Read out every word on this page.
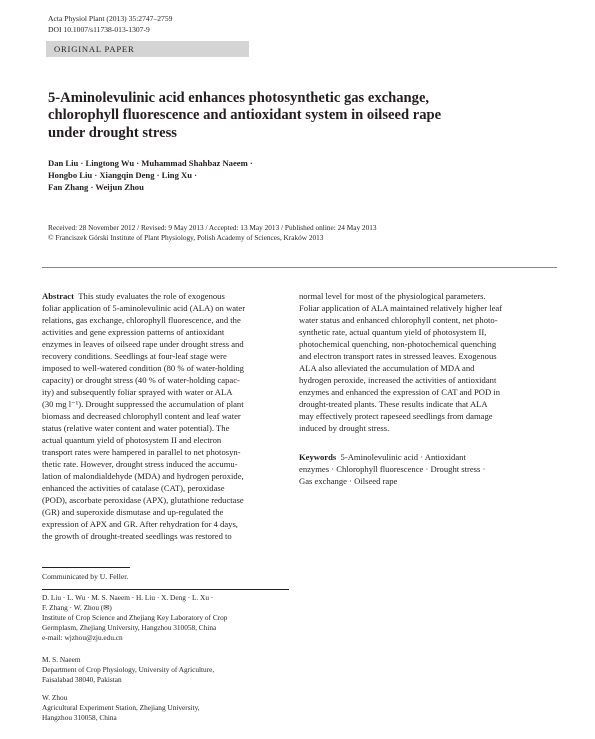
Acta Physiol Plant (2013) 35:2747–2759
DOI 10.1007/s11738-013-1307-9
ORIGINAL PAPER
5-Aminolevulinic acid enhances photosynthetic gas exchange,
chlorophyll fluorescence and antioxidant system in oilseed rape
under drought stress
Dan Liu · Lingtong Wu · Muhammad Shahbaz Naeem ·
Hongbo Liu · Xiangqin Deng · Ling Xu ·
Fan Zhang · Weijun Zhou
Received: 28 November 2012 / Revised: 9 May 2013 / Accepted: 13 May 2013 / Published online: 24 May 2013
© Franciszek Górski Institute of Plant Physiology, Polish Academy of Sciences, Kraków 2013
Abstract This study evaluates the role of exogenous
foliar application of 5-aminolevulinic acid (ALA) on water
relations, gas exchange, chlorophyll fluorescence, and the
activities and gene expression patterns of antioxidant
enzymes in leaves of oilseed rape under drought stress and
recovery conditions. Seedlings at four-leaf stage were
imposed to well-watered condition (80 % of water-holding
capacity) or drought stress (40 % of water-holding capac-
ity) and subsequently foliar sprayed with water or ALA
(30 mg l⁻¹). Drought suppressed the accumulation of plant
biomass and decreased chlorophyll content and leaf water
status (relative water content and water potential). The
actual quantum yield of photosystem II and electron
transport rates were hampered in parallel to net photosyn-
thetic rate. However, drought stress induced the accumu-
lation of malondialdehyde (MDA) and hydrogen peroxide,
enhanced the activities of catalase (CAT), peroxidase
(POD), ascorbate peroxidase (APX), glutathione reductase
(GR) and superoxide dismutase and up-regulated the
expression of APX and GR. After rehydration for 4 days,
the growth of drought-treated seedlings was restored to
normal level for most of the physiological parameters.
Foliar application of ALA maintained relatively higher leaf
water status and enhanced chlorophyll content, net photo-
synthetic rate, actual quantum yield of photosystem II,
photochemical quenching, non-photochemical quenching
and electron transport rates in stressed leaves. Exogenous
ALA also alleviated the accumulation of MDA and
hydrogen peroxide, increased the activities of antioxidant
enzymes and enhanced the expression of CAT and POD in
drought-treated plants. These results indicate that ALA
may effectively protect rapeseed seedlings from damage
induced by drought stress.
Keywords 5-Aminolevulinic acid · Antioxidant
enzymes · Chlorophyll fluorescence · Drought stress ·
Gas exchange · Oilseed rape
Communicated by U. Feller.
D. Liu · L. Wu · M. S. Naeem · H. Liu · X. Deng · L. Xu ·
F. Zhang · W. Zhou (✉)
Institute of Crop Science and Zhejiang Key Laboratory of Crop
Germplasm, Zhejiang University, Hangzhou 310058, China
e-mail: wjzhou@zju.edu.cn
M. S. Naeem
Department of Crop Physiology, University of Agriculture,
Faisalabad 38040, Pakistan
W. Zhou
Agricultural Experiment Station, Zhejiang University,
Hangzhou 310058, China
